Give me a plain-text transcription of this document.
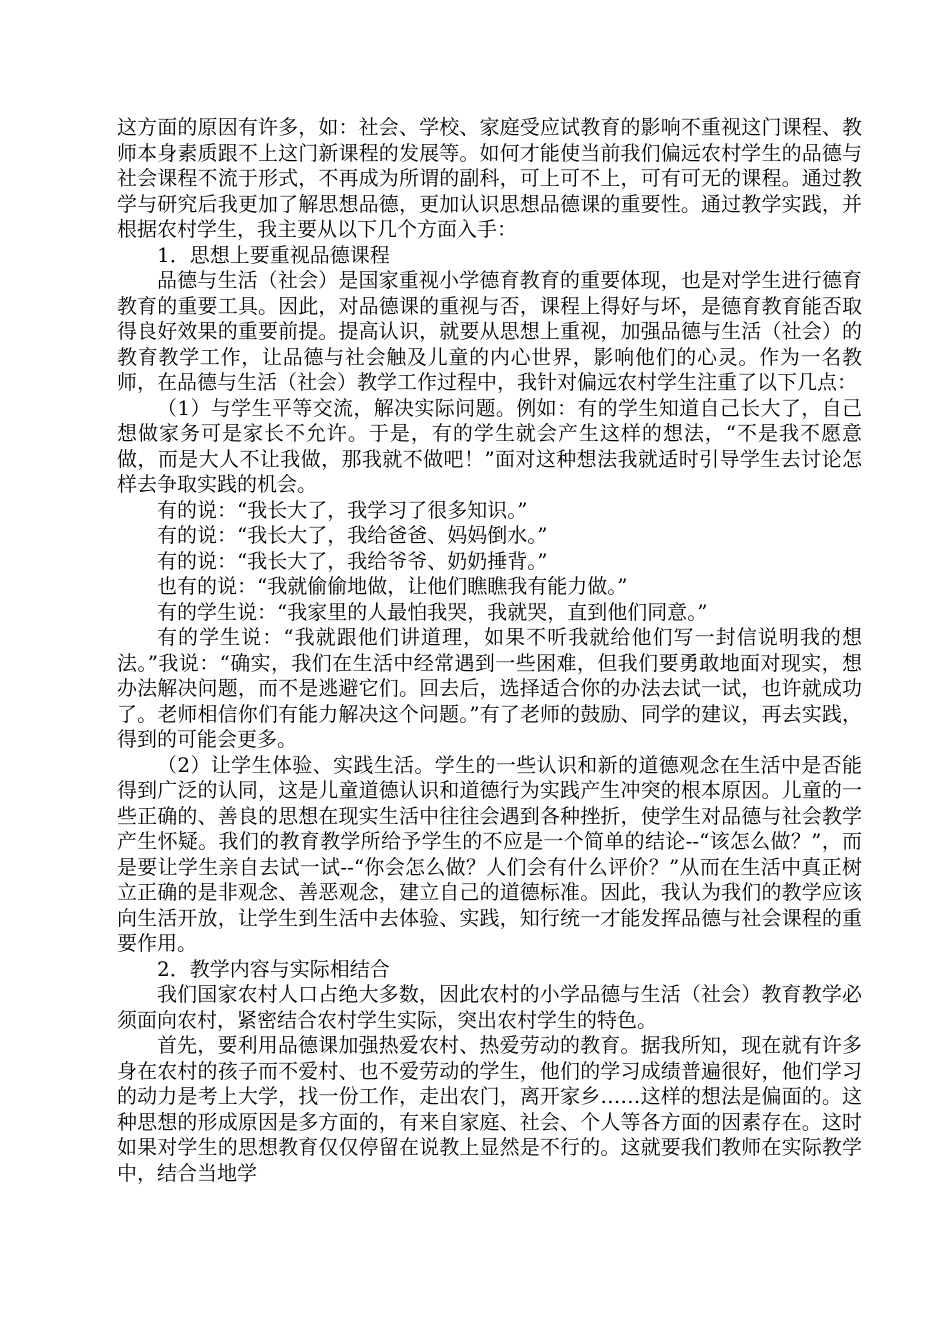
这方面的原因有许多，如：社会、学校、家庭受应试教育的影响不重视这门课程、教师本身素质跟不上这门新课程的发展等。如何才能使当前我们偏远农村学生的品德与社会课程不流于形式，不再成为所谓的副科，可上可不上，可有可无的课程。通过教学与研究后我更加了解思想品德，更加认识思想品德课的重要性。通过教学实践，并根据农村学生，我主要从以下几个方面入手：

1．思想上要重视品德课程

品德与生活（社会）是国家重视小学德育教育的重要体现，也是对学生进行德育教育的重要工具。因此，对品德课的重视与否，课程上得好与坏，是德育教育能否取得良好效果的重要前提。提高认识，就要从思想上重视，加强品德与生活（社会）的教育教学工作，让品德与社会触及儿童的内心世界，影响他们的心灵。作为一名教师，在品德与生活（社会）教学工作过程中，我针对偏远农村学生注重了以下几点：

（1）与学生平等交流，解决实际问题。例如：有的学生知道自己长大了，自己想做家务可是家长不允许。于是，有的学生就会产生这样的想法，“不是我不愿意做，而是大人不让我做，那我就不做吧！”面对这种想法我就适时引导学生去讨论怎样去争取实践的机会。

有的说：“我长大了，我学习了很多知识。”

有的说：“我长大了，我给爸爸、妈妈倒水。”

有的说：“我长大了，我给爷爷、奶奶捶背。”

也有的说：“我就偷偷地做，让他们瞧瞧我有能力做。”

有的学生说：“我家里的人最怕我哭，我就哭，直到他们同意。”

有的学生说：“我就跟他们讲道理，如果不听我就给他们写一封信说明我的想法。”我说：“确实，我们在生活中经常遇到一些困难，但我们要勇敢地面对现实，想办法解决问题，而不是逃避它们。回去后，选择适合你的办法去试一试，也许就成功了。老师相信你们有能力解决这个问题。”有了老师的鼓励、同学的建议，再去实践，得到的可能会更多。

（2）让学生体验、实践生活。学生的一些认识和新的道德观念在生活中是否能得到广泛的认同，这是儿童道德认识和道德行为实践产生冲突的根本原因。儿童的一些正确的、善良的思想在现实生活中往往会遇到各种挫折，使学生对品德与社会教学产生怀疑。我们的教育教学所给予学生的不应是一个简单的结论--“该怎么做？”，而是要让学生亲自去试一试--“你会怎么做？人们会有什么评价？”从而在生活中真正树立正确的是非观念、善恶观念，建立自己的道德标准。因此，我认为我们的教学应该向生活开放，让学生到生活中去体验、实践，知行统一才能发挥品德与社会课程的重要作用。

2．教学内容与实际相结合

我们国家农村人口占绝大多数，因此农村的小学品德与生活（社会）教育教学必须面向农村，紧密结合农村学生实际，突出农村学生的特色。

首先，要利用品德课加强热爱农村、热爱劳动的教育。据我所知，现在就有许多身在农村的孩子而不爱村、也不爱劳动的学生，他们的学习成绩普遍很好，他们学习的动力是考上大学，找一份工作，走出农门，离开家乡……这样的想法是偏面的。这种思想的形成原因是多方面的，有来自家庭、社会、个人等各方面的因素存在。这时如果对学生的思想教育仅仅停留在说教上显然是不行的。这就要我们教师在实际教学中，结合当地学
